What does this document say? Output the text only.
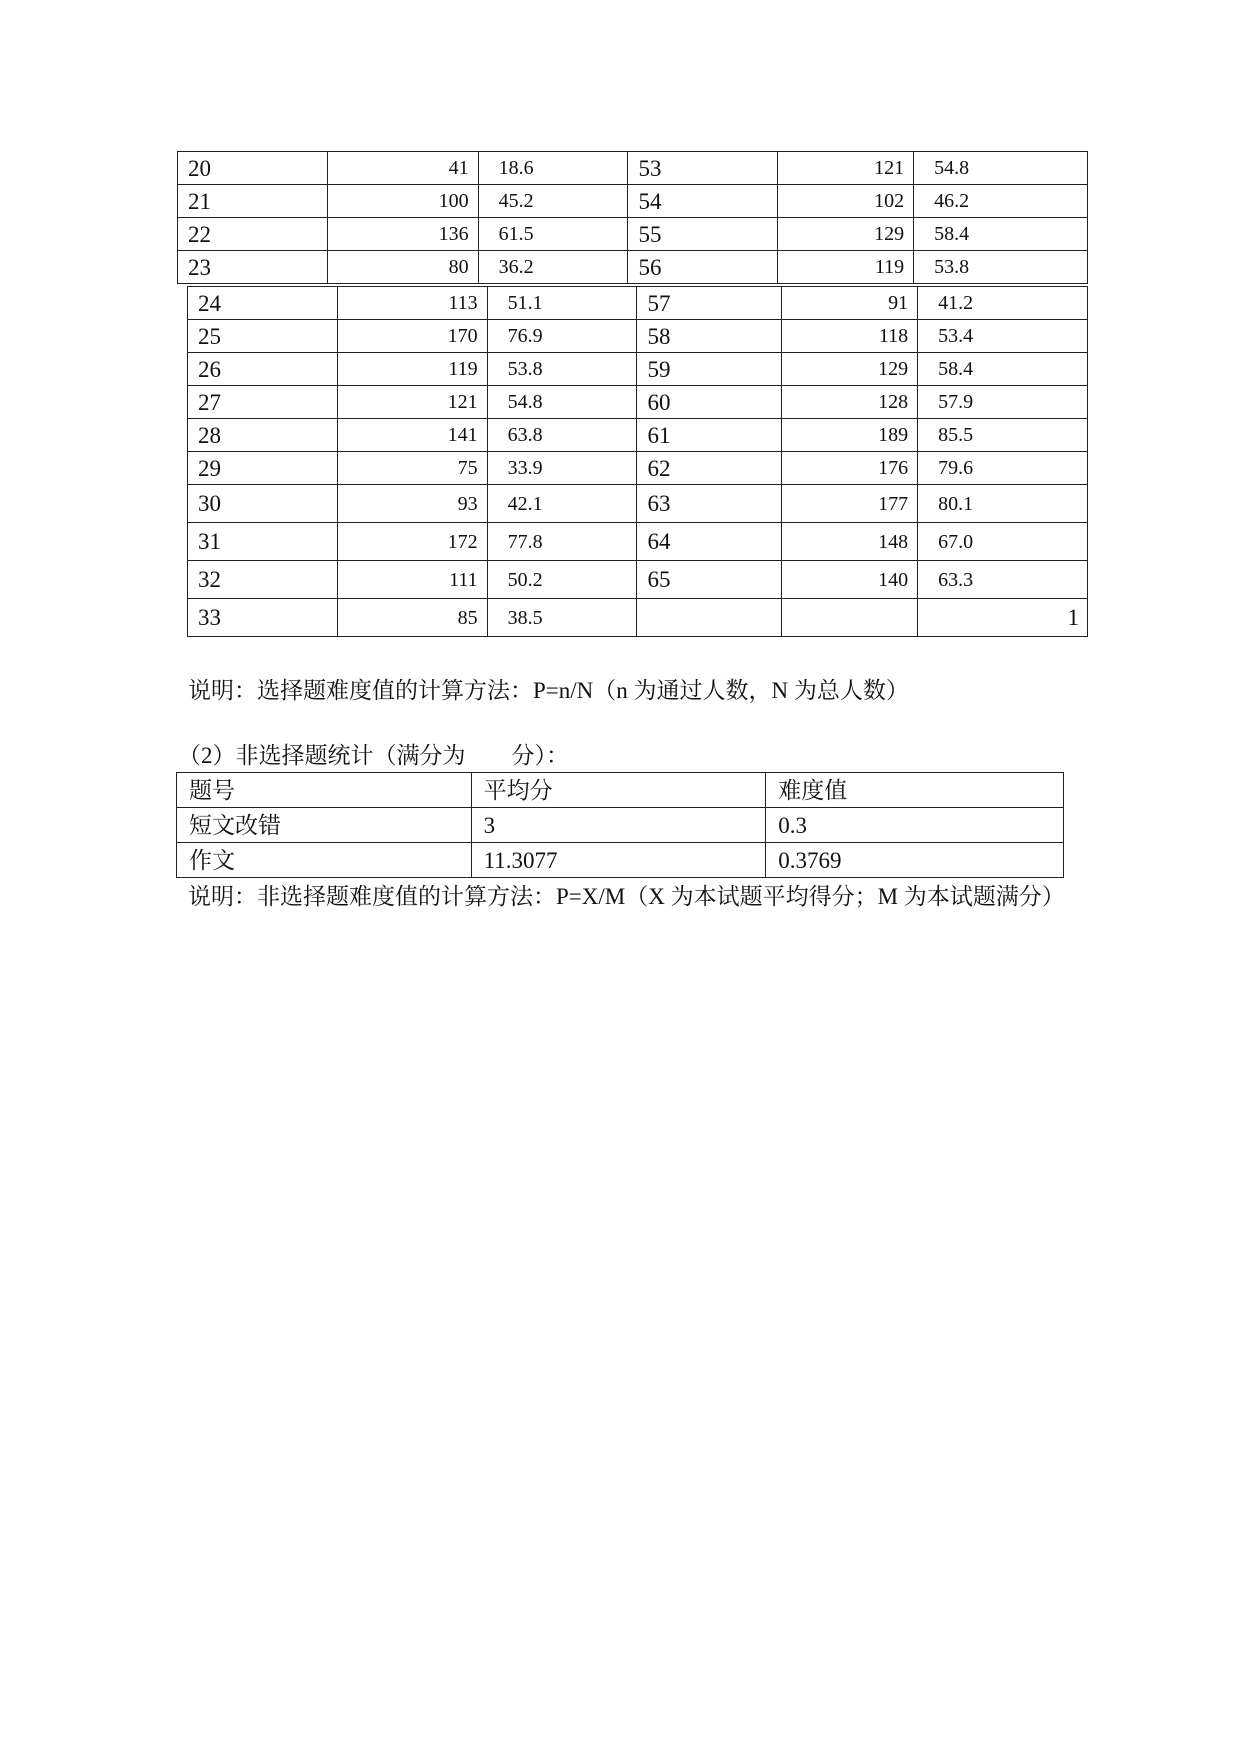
20	41	18.6	53	121	54.8
21	100	45.2	54	102	46.2
22	136	61.5	55	129	58.4
23	80	36.2	56	119	53.8
24	113	51.1	57	91	41.2
25	170	76.9	58	118	53.4
26	119	53.8	59	129	58.4
27	121	54.8	60	128	57.9
28	141	63.8	61	189	85.5
29	75	33.9	62	176	79.6
30	93	42.1	63	177	80.1
31	172	77.8	64	148	67.0
32	111	50.2	65	140	63.3
33	85	38.5			1

说明：选择题难度值的计算方法：P=n/N（n 为通过人数，N 为总人数）

（2）非选择题统计（满分为　　分）：

题号	平均分	难度值
短文改错	3	0.3
作文	11.3077	0.3769

说明：非选择题难度值的计算方法：P=X/M（X 为本试题平均得分；M 为本试题满分）
